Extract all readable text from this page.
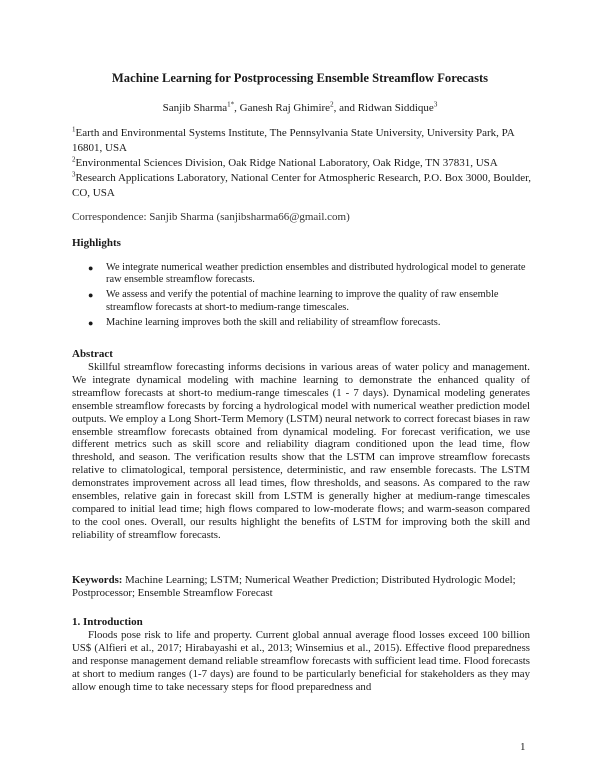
Machine Learning for Postprocessing Ensemble Streamflow Forecasts
Sanjib Sharma$^{1*}$, Ganesh Raj Ghimire$^2$, and Ridwan Siddique$^3$
$^1$Earth and Environmental Systems Institute, The Pennsylvania State University, University Park, PA 16801, USA
$^2$Environmental Sciences Division, Oak Ridge National Laboratory, Oak Ridge, TN 37831, USA
$^3$Research Applications Laboratory, National Center for Atmospheric Research, P.O. Box 3000, Boulder, CO, USA
Correspondence: Sanjib Sharma (sanjibsharma66@gmail.com)
Highlights
● We integrate numerical weather prediction ensembles and distributed hydrological model to generate raw ensemble streamflow forecasts.
● We assess and verify the potential of machine learning to improve the quality of raw ensemble streamflow forecasts at short-to medium-range timescales.
● Machine learning improves both the skill and reliability of streamflow forecasts.
Abstract

Skillful streamflow forecasting informs decisions in various areas of water policy and management. We integrate dynamical modeling with machine learning to demonstrate the enhanced quality of streamflow forecasts at short-to medium-range timescales (1 - 7 days). Dynamical modeling generates ensemble streamflow forecasts by forcing a hydrological model with numerical weather prediction model outputs. We employ a Long Short-Term Memory (LSTM) neural network to correct forecast biases in raw ensemble streamflow forecasts obtained from dynamical modeling. For forecast verification, we use different metrics such as skill score and reliability diagram conditioned upon the lead time, flow threshold, and season. The verification results show that the LSTM can improve streamflow forecasts relative to climatological, temporal persistence, deterministic, and raw ensemble forecasts. The LSTM demonstrates improvement across all lead times, flow thresholds, and seasons. As compared to the raw ensembles, relative gain in forecast skill from LSTM is generally higher at medium-range timescales compared to initial lead time; high flows compared to low-moderate flows; and warm-season compared to the cool ones. Overall, our results highlight the benefits of LSTM for improving both the skill and reliability of streamflow forecasts.

Keywords: Machine Learning; LSTM; Numerical Weather Prediction; Distributed Hydrologic Model; Postprocessor; Ensemble Streamflow Forecast

1. Introduction

Floods pose risk to life and property. Current global annual average flood losses exceed 100 billion US$ (Alfieri et al., 2017; Hirabayashi et al., 2013; Winsemius et al., 2015). Effective flood preparedness and response management demand reliable streamflow forecasts with sufficient lead time. Flood forecasts at short to medium ranges (1-7 days) are found to be particularly beneficial for stakeholders as they may allow enough time to take necessary steps for flood preparedness and

1
